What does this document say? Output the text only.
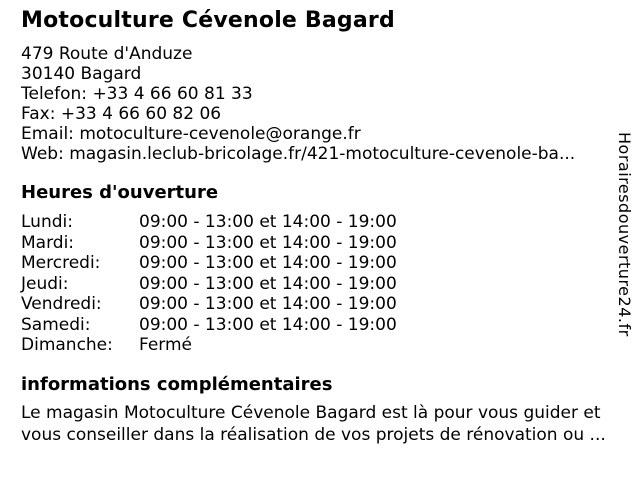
Motoculture Cévenole Bagard
479 Route d'Anduze
30140 Bagard
Telefon: +33 4 66 60 81 33
Fax: +33 4 66 60 82 06
Email: motoculture-cevenole@orange.fr
Web: magasin.leclub-bricolage.fr/421-motoculture-cevenole-ba...
Heures d'ouverture
Lundi:	09:00 - 13:00 et 14:00 - 19:00
Mardi:	09:00 - 13:00 et 14:00 - 19:00
Mercredi:	09:00 - 13:00 et 14:00 - 19:00
Jeudi:	09:00 - 13:00 et 14:00 - 19:00
Vendredi:	09:00 - 13:00 et 14:00 - 19:00
Samedi:	09:00 - 13:00 et 14:00 - 19:00
Dimanche:	Fermé
informations complémentaires
Le magasin Motoculture Cévenole Bagard est là pour vous guider et
vous conseiller dans la réalisation de vos projets de rénovation ou ...
Horairesdouverture24.fr
